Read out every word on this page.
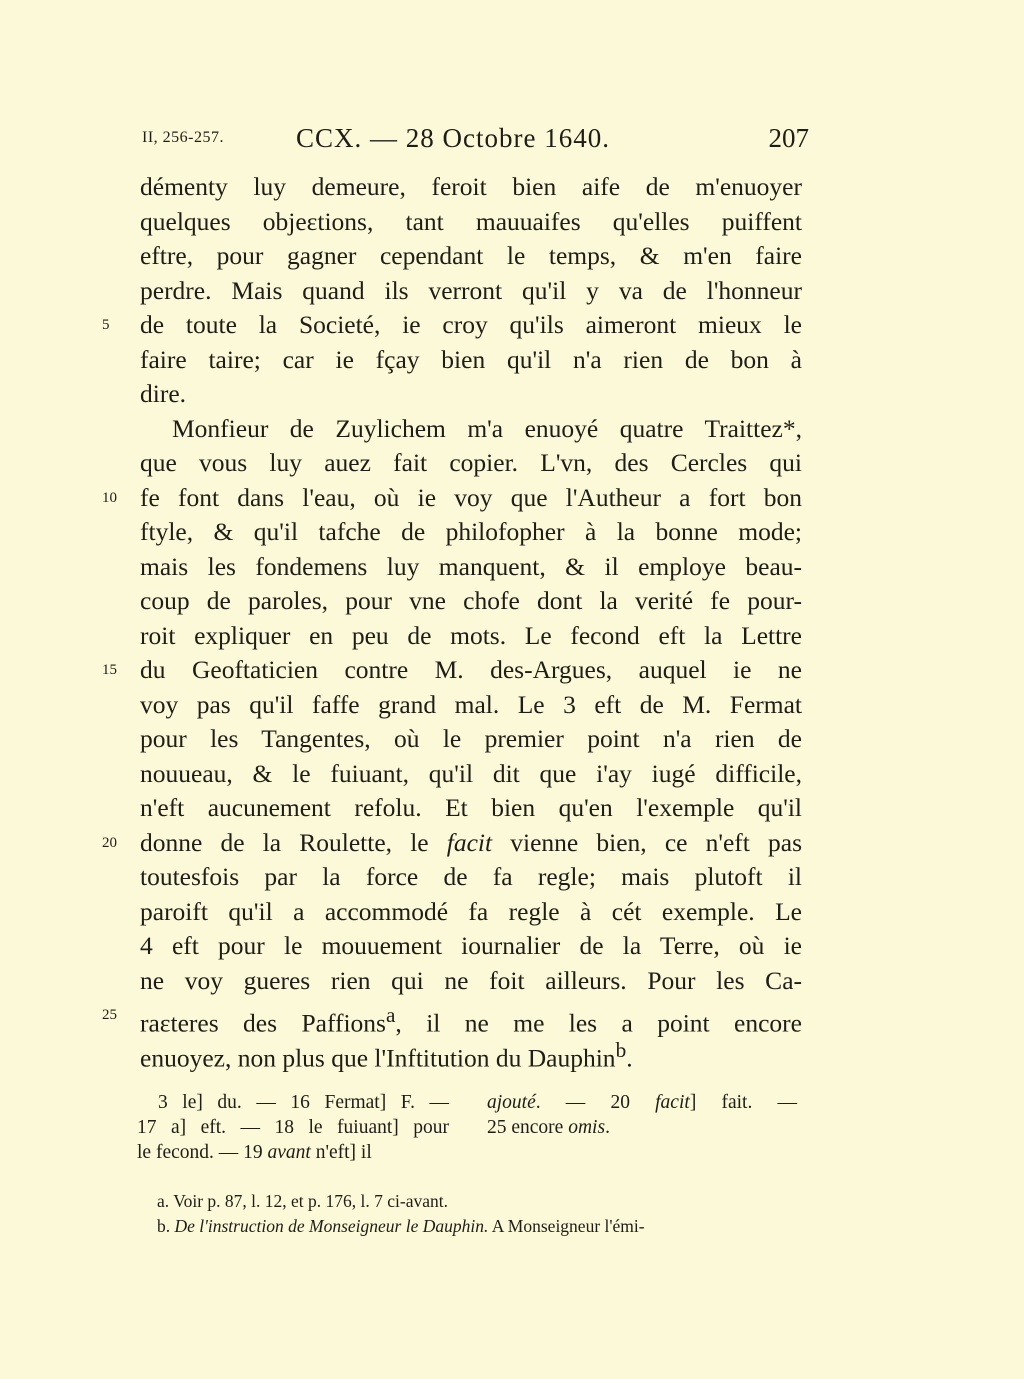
II, 256-257.	CCX. — 28 Octobre 1640.	207
démenty luy demeure, feroit bien aife de m'enuoyer
quelques objeɛtions, tant mauuaifes qu'elles puiffent
eftre, pour gagner cependant le temps, & m'en faire
perdre. Mais quand ils verront qu'il y va de l'honneur
5	de toute la Societé, ie croy qu'ils aimeront mieux le
faire taire; car ie fçay bien qu'il n'a rien de bon à
dire.
Monfieur de Zuylichem m'a enuoyé quatre Traittez*,
que vous luy auez fait copier. L'vn, des Cercles qui
10 fe font dans l'eau, où ie voy que l'Autheur a fort bon
ftyle, & qu'il tafche de philofopher à la bonne mode;
mais les fondemens luy manquent, & il employe beau-
coup de paroles, pour vne chofe dont la verité fe pour-
roit expliquer en peu de mots. Le fecond eft la Lettre
15 du Geoftaticien contre M. des-Argues, auquel ie ne
voy pas qu'il faffe grand mal. Le 3 eft de M. Fermat
pour les Tangentes, où le premier point n'a rien de
nouueau, & le fuiuant, qu'il dit que i'ay iugé difficile,
n'eft aucunement refolu. Et bien qu'en l'exemple qu'il
20 donne de la Roulette, le facit vienne bien, ce n'eft pas
toutesfois par la force de fa regle; mais plutoft il
paroift qu'il a accommodé fa regle à cét exemple. Le
4 eft pour le mouuement iournalier de la Terre, où ie
ne voy gueres rien qui ne foit ailleurs. Pour les Ca-
25 raɛteres des Paffions$^a$, il ne me les a point encore
enuoyez, non plus que l'Inftitution du Dauphin$^b$.
3 le] du. — 16 Fermat] F. —
17 a] eft. — 18 le fuiuant] pour
le fecond. — 19 avant n'eft] il
ajouté. — 20 facit] fait. —
25 encore omis.
a. Voir p. 87, l. 12, et p. 176, l. 7 ci-avant.
b. De l'instruction de Monseigneur le Dauphin. A Monseigneur l'émi-
